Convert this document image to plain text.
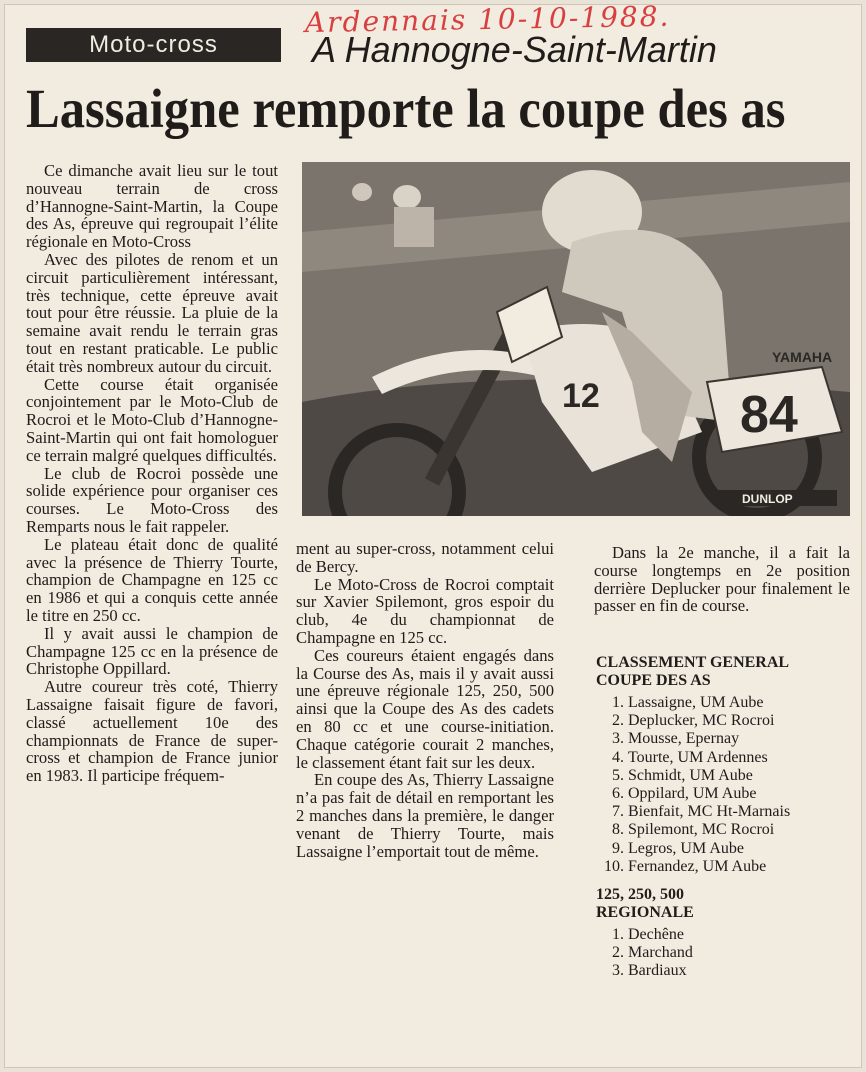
Ardennais 10-10-1988.
Moto-cross	A Hannogne-Saint-Martin
Lassaigne remporte la coupe des as

Ce dimanche avait lieu sur le tout nouveau terrain de cross d’Hannogne-Saint-Martin, la Coupe des As, épreuve qui regroupait l’élite régionale en Moto-Cross

Avec des pilotes de renom et un circuit particulièrement intéressant, très technique, cette épreuve avait tout pour être réussie. La pluie de la semaine avait rendu le terrain gras tout en restant praticable. Le public était très nombreux autour du circuit.

Cette course était organisée conjointement par le Moto-Club de Rocroi et le Moto-Club d’Hannogne-Saint-Martin qui ont fait homologuer ce terrain malgré quelques difficultés.

Le club de Rocroi possède une solide expérience pour organiser ces courses. Le Moto-Cross des Remparts nous le fait rappeler.

Le plateau était donc de qualité avec la présence de Thierry Tourte, champion de Champagne en 125 cc en 1986 et qui a conquis cette année le titre en 250 cc.

Il y avait aussi le champion de Champagne 125 cc en la présence de Christophe Oppillard.

Autre coureur très coté, Thierry Lassaigne faisait figure de favori, classé actuellement 10e des championnats de France de super-cross et champion de France junior en 1983. Il participe fréquem-

84
12
YAMAHA
DUNLOP

ment au super-cross, notamment celui de Bercy.

Le Moto-Cross de Rocroi comptait sur Xavier Spilemont, gros espoir du club, 4e du championnat de Champagne en 125 cc.

Ces coureurs étaient engagés dans la Course des As, mais il y avait aussi une épreuve régionale 125, 250, 500 ainsi que la Coupe des As des cadets en 80 cc et une course-initiation. Chaque catégorie courait 2 manches, le classement étant fait sur les deux.

En coupe des As, Thierry Lassaigne n’a pas fait de détail en remportant les 2 manches dans la première, le danger venant de Thierry Tourte, mais Lassaigne l’emportait tout de même.

Dans la 2e manche, il a fait la course longtemps en 2e position derrière Deplucker pour finalement le passer en fin de course.

CLASSEMENT GENERAL
COUPE DES AS
1. Lassaigne, UM Aube
2. Deplucker, MC Rocroi
3. Mousse, Epernay
4. Tourte, UM Ardennes
5. Schmidt, UM Aube
6. Oppilard, UM Aube
7. Bienfait, MC Ht-Marnais
8. Spilemont, MC Rocroi
9. Legros, UM Aube
10. Fernandez, UM Aube
125, 250, 500
REGIONALE
1. Dechêne
2. Marchand
3. Bardiaux
